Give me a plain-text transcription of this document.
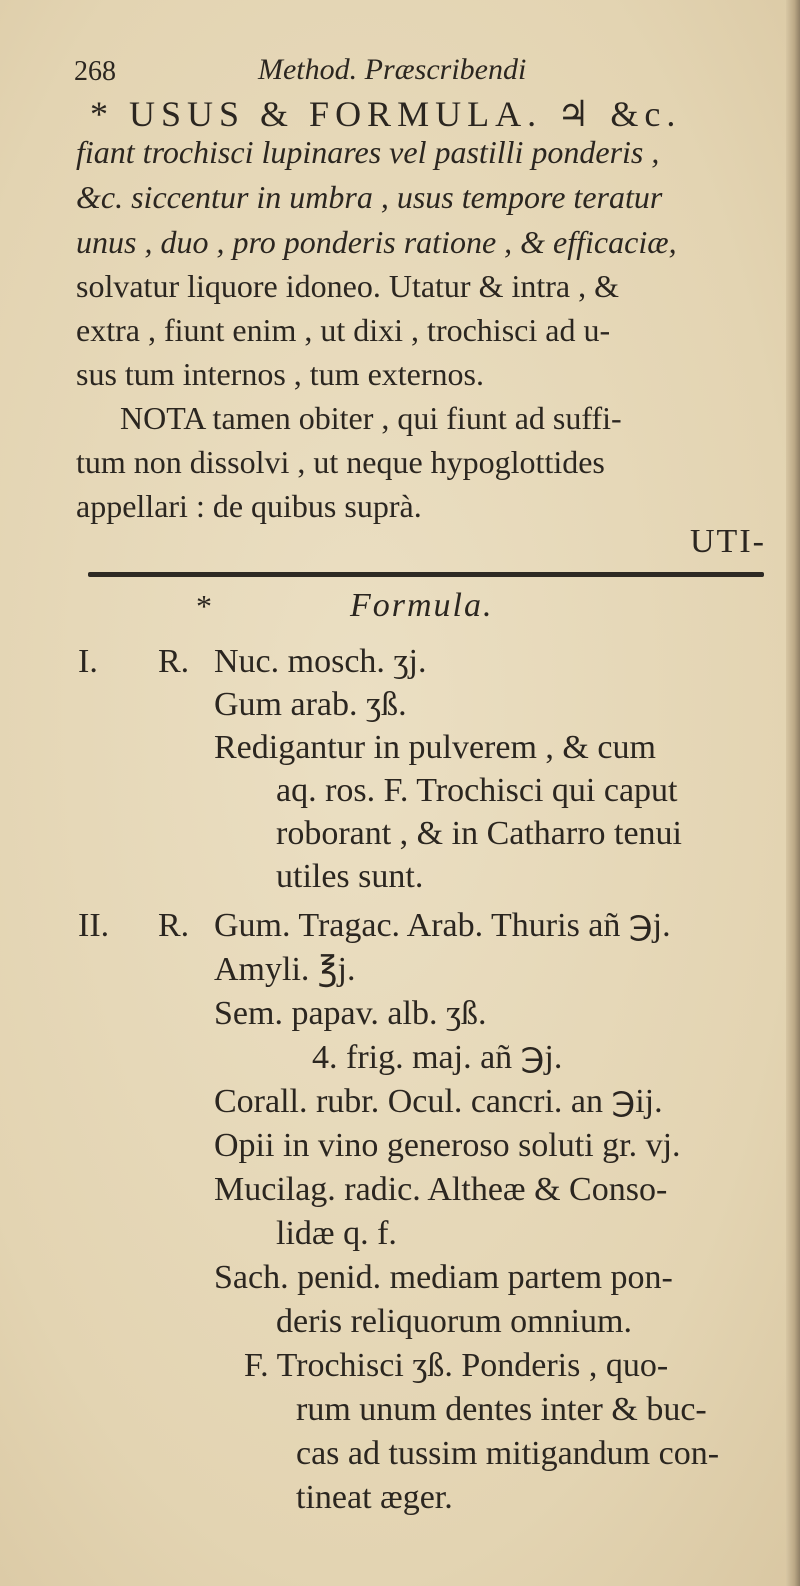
268	Method. Præscribendi
* USUS & FORMULA. ♃ &c.
fiant trochisci lupinares vel pastilli ponderis ,
&c. siccentur in umbra , usus tempore teratur
unus , duo , pro ponderis ratione , & efficaciæ,
solvatur liquore idoneo. Utatur & intra , &
extra , fiunt enim , ut dixi , trochisci ad u-
sus tum internos , tum externos.
NOTA tamen obiter , qui fiunt ad suffi-
tum non dissolvi , ut neque hypoglottides
appellari : de quibus suprà.
UTI-
*	Formula.
I. R. Nuc. mosch. ʒj.
Gum arab. ʒß.
Redigantur in pulverem , & cum
aq. ros. F. Trochisci qui caput
roborant , & in Catharro tenui
utiles sunt.
II. R. Gum. Tragac. Arab. Thuris añ ℈j.
Amyli. ℥j.
Sem. papav. alb. ʒß.
4. frig. maj. añ ℈j.
Corall. rubr. Ocul. cancri. an ℈ij.
Opii in vino generoso soluti gr. vj.
Mucilag. radic. Altheæ & Consο-
lidæ q. f.
Sach. penid. mediam partem pon-
deris reliquorum omnium.
F. Trochisci ʒß. Ponderis , quo-
rum unum dentes inter & buc-
cas ad tussim mitigandum con-
tineat æger.
